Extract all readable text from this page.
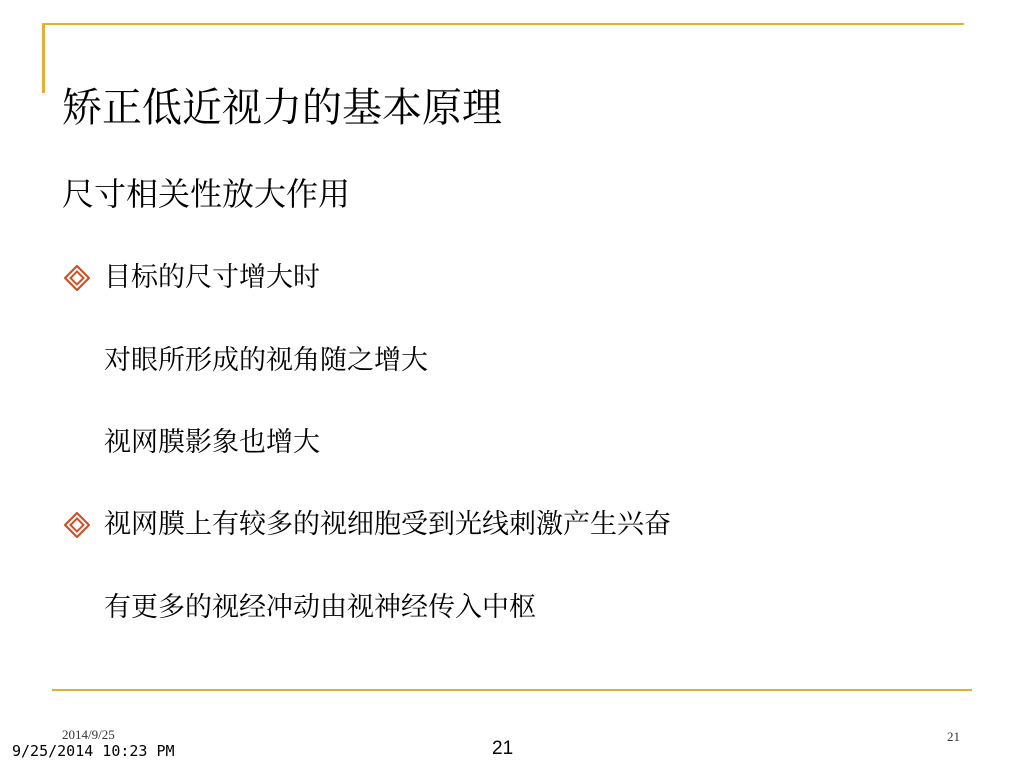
矫正低近视力的基本原理
尺寸相关性放大作用
目标的尺寸增大时
对眼所形成的视角随之增大
视网膜影象也增大
视网膜上有较多的视细胞受到光线刺激产生兴奋
有更多的视经冲动由视神经传入中枢
2014/9/25	21
9/25/2014 10:23 PM	21
